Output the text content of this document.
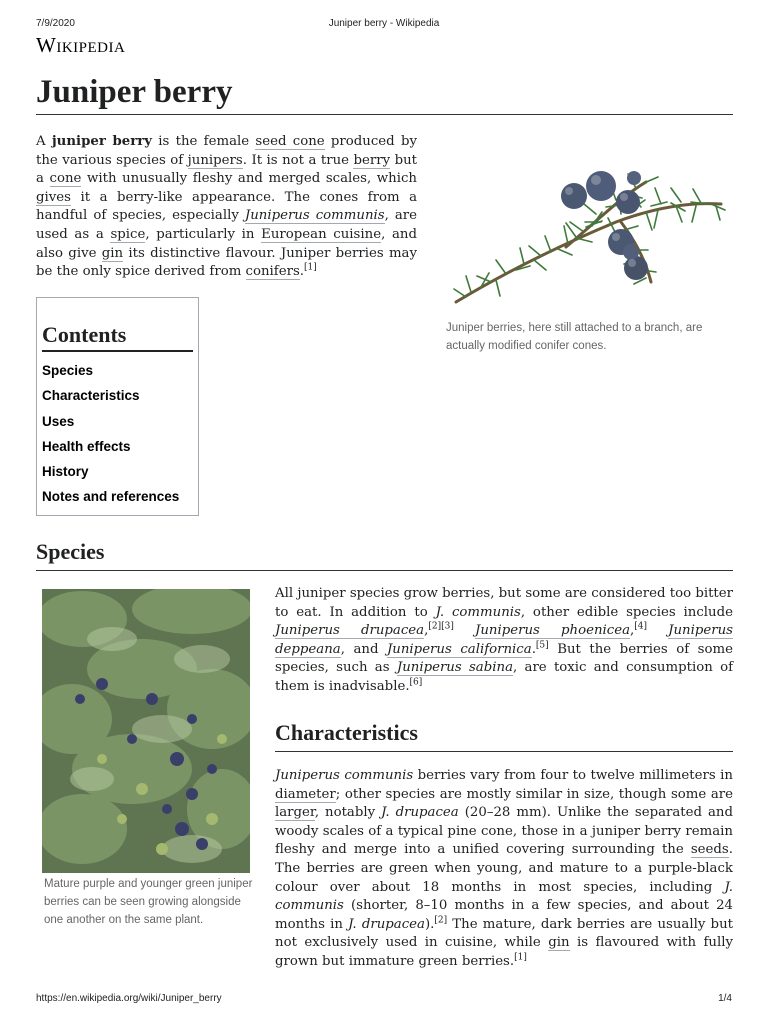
7/9/2020	Juniper berry - Wikipedia
Wikipedia
Juniper berry

A juniper berry is the female seed cone produced by the various species of junipers. It is not a true berry but a cone with unusually fleshy and merged scales, which gives it a berry-like appearance. The cones from a handful of species, especially Juniperus communis, are used as a spice, particularly in European cuisine, and also give gin its distinctive flavour. Juniper berries may be the only spice derived from conifers.[1]

Juniper berries, here still attached to a branch, are actually modified conifer cones.
Contents
Species
Characteristics
Uses
Health effects
History
Notes and references
Species
Mature purple and younger green juniper berries can be seen growing alongside one another on the same plant.

All juniper species grow berries, but some are considered too bitter to eat. In addition to J. communis, other edible species include Juniperus drupacea,[2][3] Juniperus phoenicea,[4] Juniperus deppeana, and Juniperus californica.[5] But the berries of some species, such as Juniperus sabina, are toxic and consumption of them is inadvisable.[6]

Characteristics

Juniperus communis berries vary from four to twelve millimeters in diameter; other species are mostly similar in size, though some are larger, notably J. drupacea (20–28 mm). Unlike the separated and woody scales of a typical pine cone, those in a juniper berry remain fleshy and merge into a unified covering surrounding the seeds. The berries are green when young, and mature to a purple-black colour over about 18 months in most species, including J. communis (shorter, 8–10 months in a few species, and about 24 months in J. drupacea).[2] The mature, dark berries are usually but not exclusively used in cuisine, while gin is flavoured with fully grown but immature green berries.[1]

https://en.wikipedia.org/wiki/Juniper_berry	1/4
